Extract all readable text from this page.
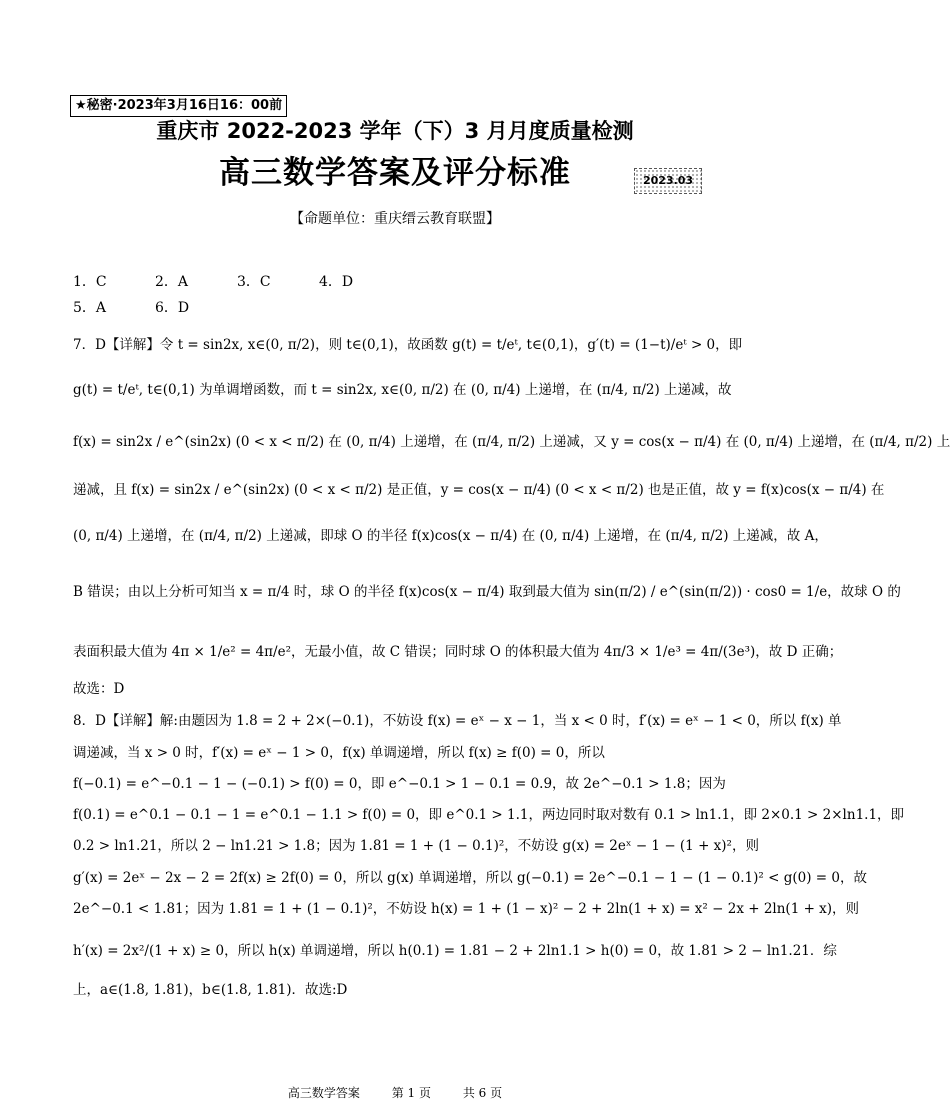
★秘密·2023年3月16日16：00前
重庆市 2022-2023 学年（下）3 月月度质量检测
高三数学答案及评分标准	2023.03
【命题单位：重庆缙云教育联盟】
1．C	2．A	3．C	4．D
5．A	6．D
7．D【详解】令 t = sin2x, x∈(0, π/2)，则 t∈(0,1)，故函数 g(t) = t/eᵗ, t∈(0,1)，g′(t) = (1−t)/eᵗ > 0，即
g(t) = t/eᵗ, t∈(0,1) 为单调增函数，而 t = sin2x, x∈(0, π/2) 在 (0, π/4) 上递增，在 (π/4, π/2) 上递减，故
f(x) = sin2x / e^(sin2x) (0 < x < π/2) 在 (0, π/4) 上递增，在 (π/4, π/2) 上递减，又 y = cos(x − π/4) 在 (0, π/4) 上递增，在 (π/4, π/2) 上
递减，且 f(x) = sin2x / e^(sin2x) (0 < x < π/2) 是正值，y = cos(x − π/4) (0 < x < π/2) 也是正值，故 y = f(x)cos(x − π/4) 在
(0, π/4) 上递增，在 (π/4, π/2) 上递减，即球 O 的半径 f(x)cos(x − π/4) 在 (0, π/4) 上递增，在 (π/4, π/2) 上递减，故 A，
B 错误；由以上分析可知当 x = π/4 时，球 O 的半径 f(x)cos(x − π/4) 取到最大值为 sin(π/2) / e^(sin(π/2)) · cos0 = 1/e，故球 O 的
表面积最大值为 4π × 1/e² = 4π/e²，无最小值，故 C 错误；同时球 O 的体积最大值为 4π/3 × 1/e³ = 4π/(3e³)，故 D 正确；
故选：D
8．D【详解】解:由题因为 1.8 = 2 + 2×(−0.1)，不妨设 f(x) = eˣ − x − 1，当 x < 0 时，f′(x) = eˣ − 1 < 0，所以 f(x) 单
调递减，当 x > 0 时，f′(x) = eˣ − 1 > 0，f(x) 单调递增，所以 f(x) ≥ f(0) = 0，所以
f(−0.1) = e^−0.1 − 1 − (−0.1) > f(0) = 0，即 e^−0.1 > 1 − 0.1 = 0.9，故 2e^−0.1 > 1.8；因为
f(0.1) = e^0.1 − 0.1 − 1 = e^0.1 − 1.1 > f(0) = 0，即 e^0.1 > 1.1，两边同时取对数有 0.1 > ln1.1，即 2×0.1 > 2×ln1.1，即
0.2 > ln1.21，所以 2 − ln1.21 > 1.8；因为 1.81 = 1 + (1 − 0.1)²，不妨设 g(x) = 2eˣ − 1 − (1 + x)²，则
g′(x) = 2eˣ − 2x − 2 = 2f(x) ≥ 2f(0) = 0，所以 g(x) 单调递增，所以 g(−0.1) = 2e^−0.1 − 1 − (1 − 0.1)² < g(0) = 0，故
2e^−0.1 < 1.81；因为 1.81 = 1 + (1 − 0.1)²，不妨设 h(x) = 1 + (1 − x)² − 2 + 2ln(1 + x) = x² − 2x + 2ln(1 + x)，则
h′(x) = 2x²/(1 + x) ≥ 0，所以 h(x) 单调递增，所以 h(0.1) = 1.81 − 2 + 2ln1.1 > h(0) = 0，故 1.81 > 2 − ln1.21．综
上，a∈(1.8, 1.81)，b∈(1.8, 1.81)．故选:D
高三数学答案	第 1 页	共 6 页
